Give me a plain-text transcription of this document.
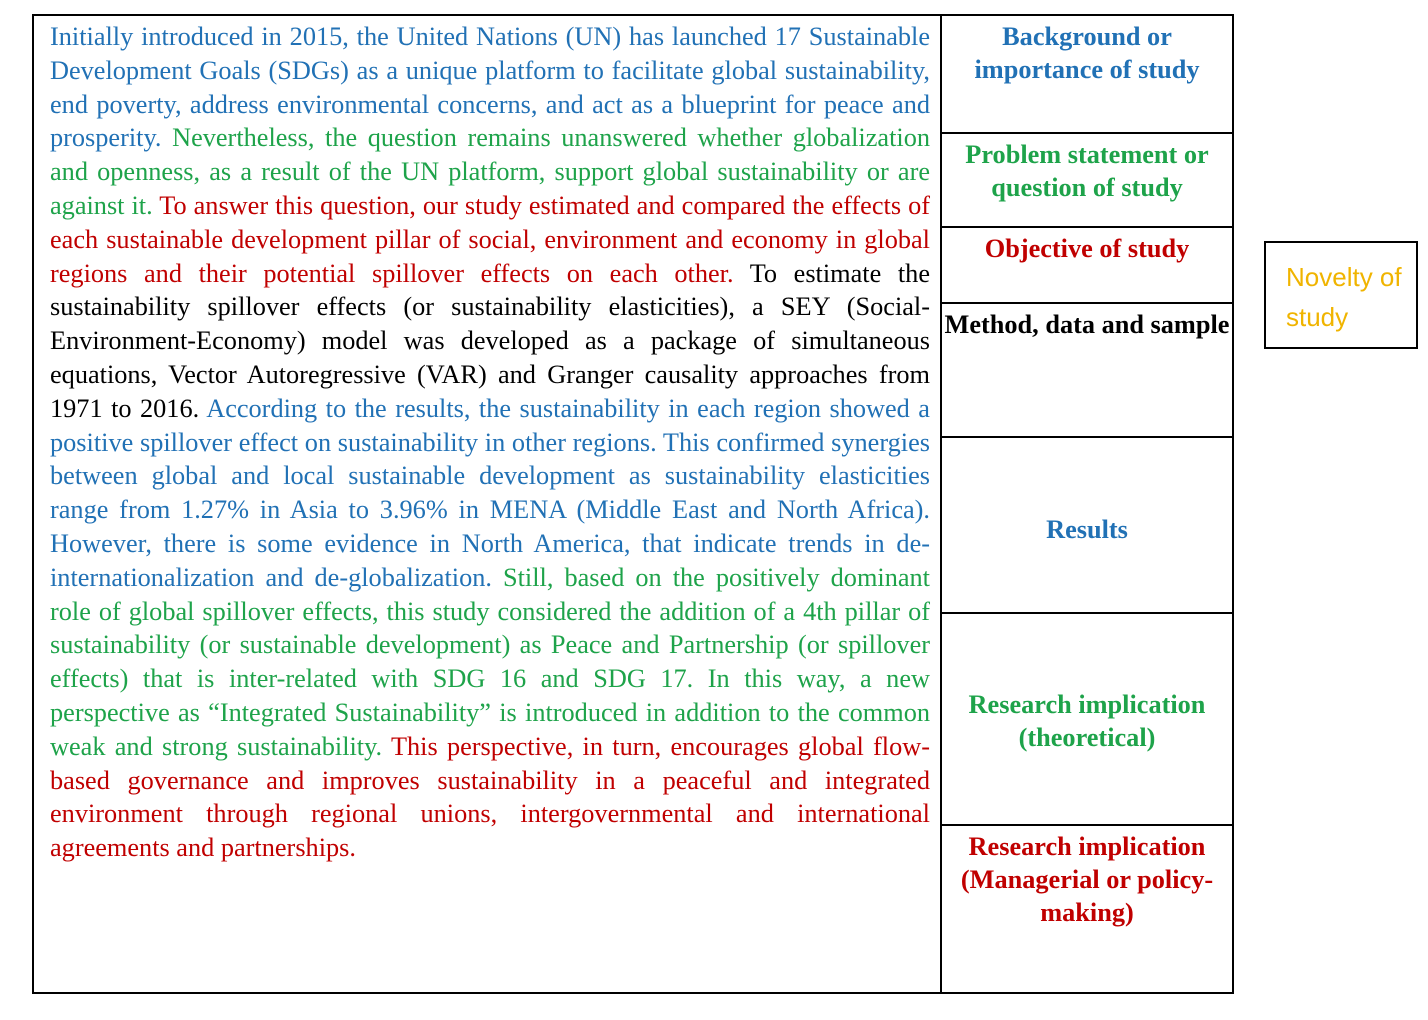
Initially introduced in 2015, the United Nations (UN) has launched 17 Sustainable Development Goals (SDGs) as a unique platform to facilitate global sustainability, end poverty, address environmental concerns, and act as a blueprint for peace and prosperity. Nevertheless, the question remains unanswered whether globalization and openness, as a result of the UN platform, support global sustainability or are against it. To answer this question, our study estimated and compared the effects of each sustainable development pillar of social, environment and economy in global regions and their potential spillover effects on each other. To estimate the sustainability spillover effects (or sustainability elasticities), a SEY (Social-Environment-Economy) model was developed as a package of simultaneous equations, Vector Autoregressive (VAR) and Granger causality approaches from 1971 to 2016. According to the results, the sustainability in each region showed a positive spillover effect on sustainability in other regions. This confirmed synergies between global and local sustainable development as sustainability elasticities range from 1.27% in Asia to 3.96% in MENA (Middle East and North Africa). However, there is some evidence in North America, that indicate trends in de-internationalization and de-globalization. Still, based on the positively dominant role of global spillover effects, this study considered the addition of a 4th pillar of sustainability (or sustainable development) as Peace and Partnership (or spillover effects) that is inter-related with SDG 16 and SDG 17. In this way, a new perspective as “Integrated Sustainability” is introduced in addition to the common weak and strong sustainability. This perspective, in turn, encourages global flow-based governance and improves sustainability in a peaceful and integrated environment through regional unions, intergovernmental and international agreements and partnerships.

Background or importance of study
Problem statement or question of study
Objective of study
Method, data and sample
Results
Research implication (theoretical)
Research implication (Managerial or policy-making)
Novelty of study
